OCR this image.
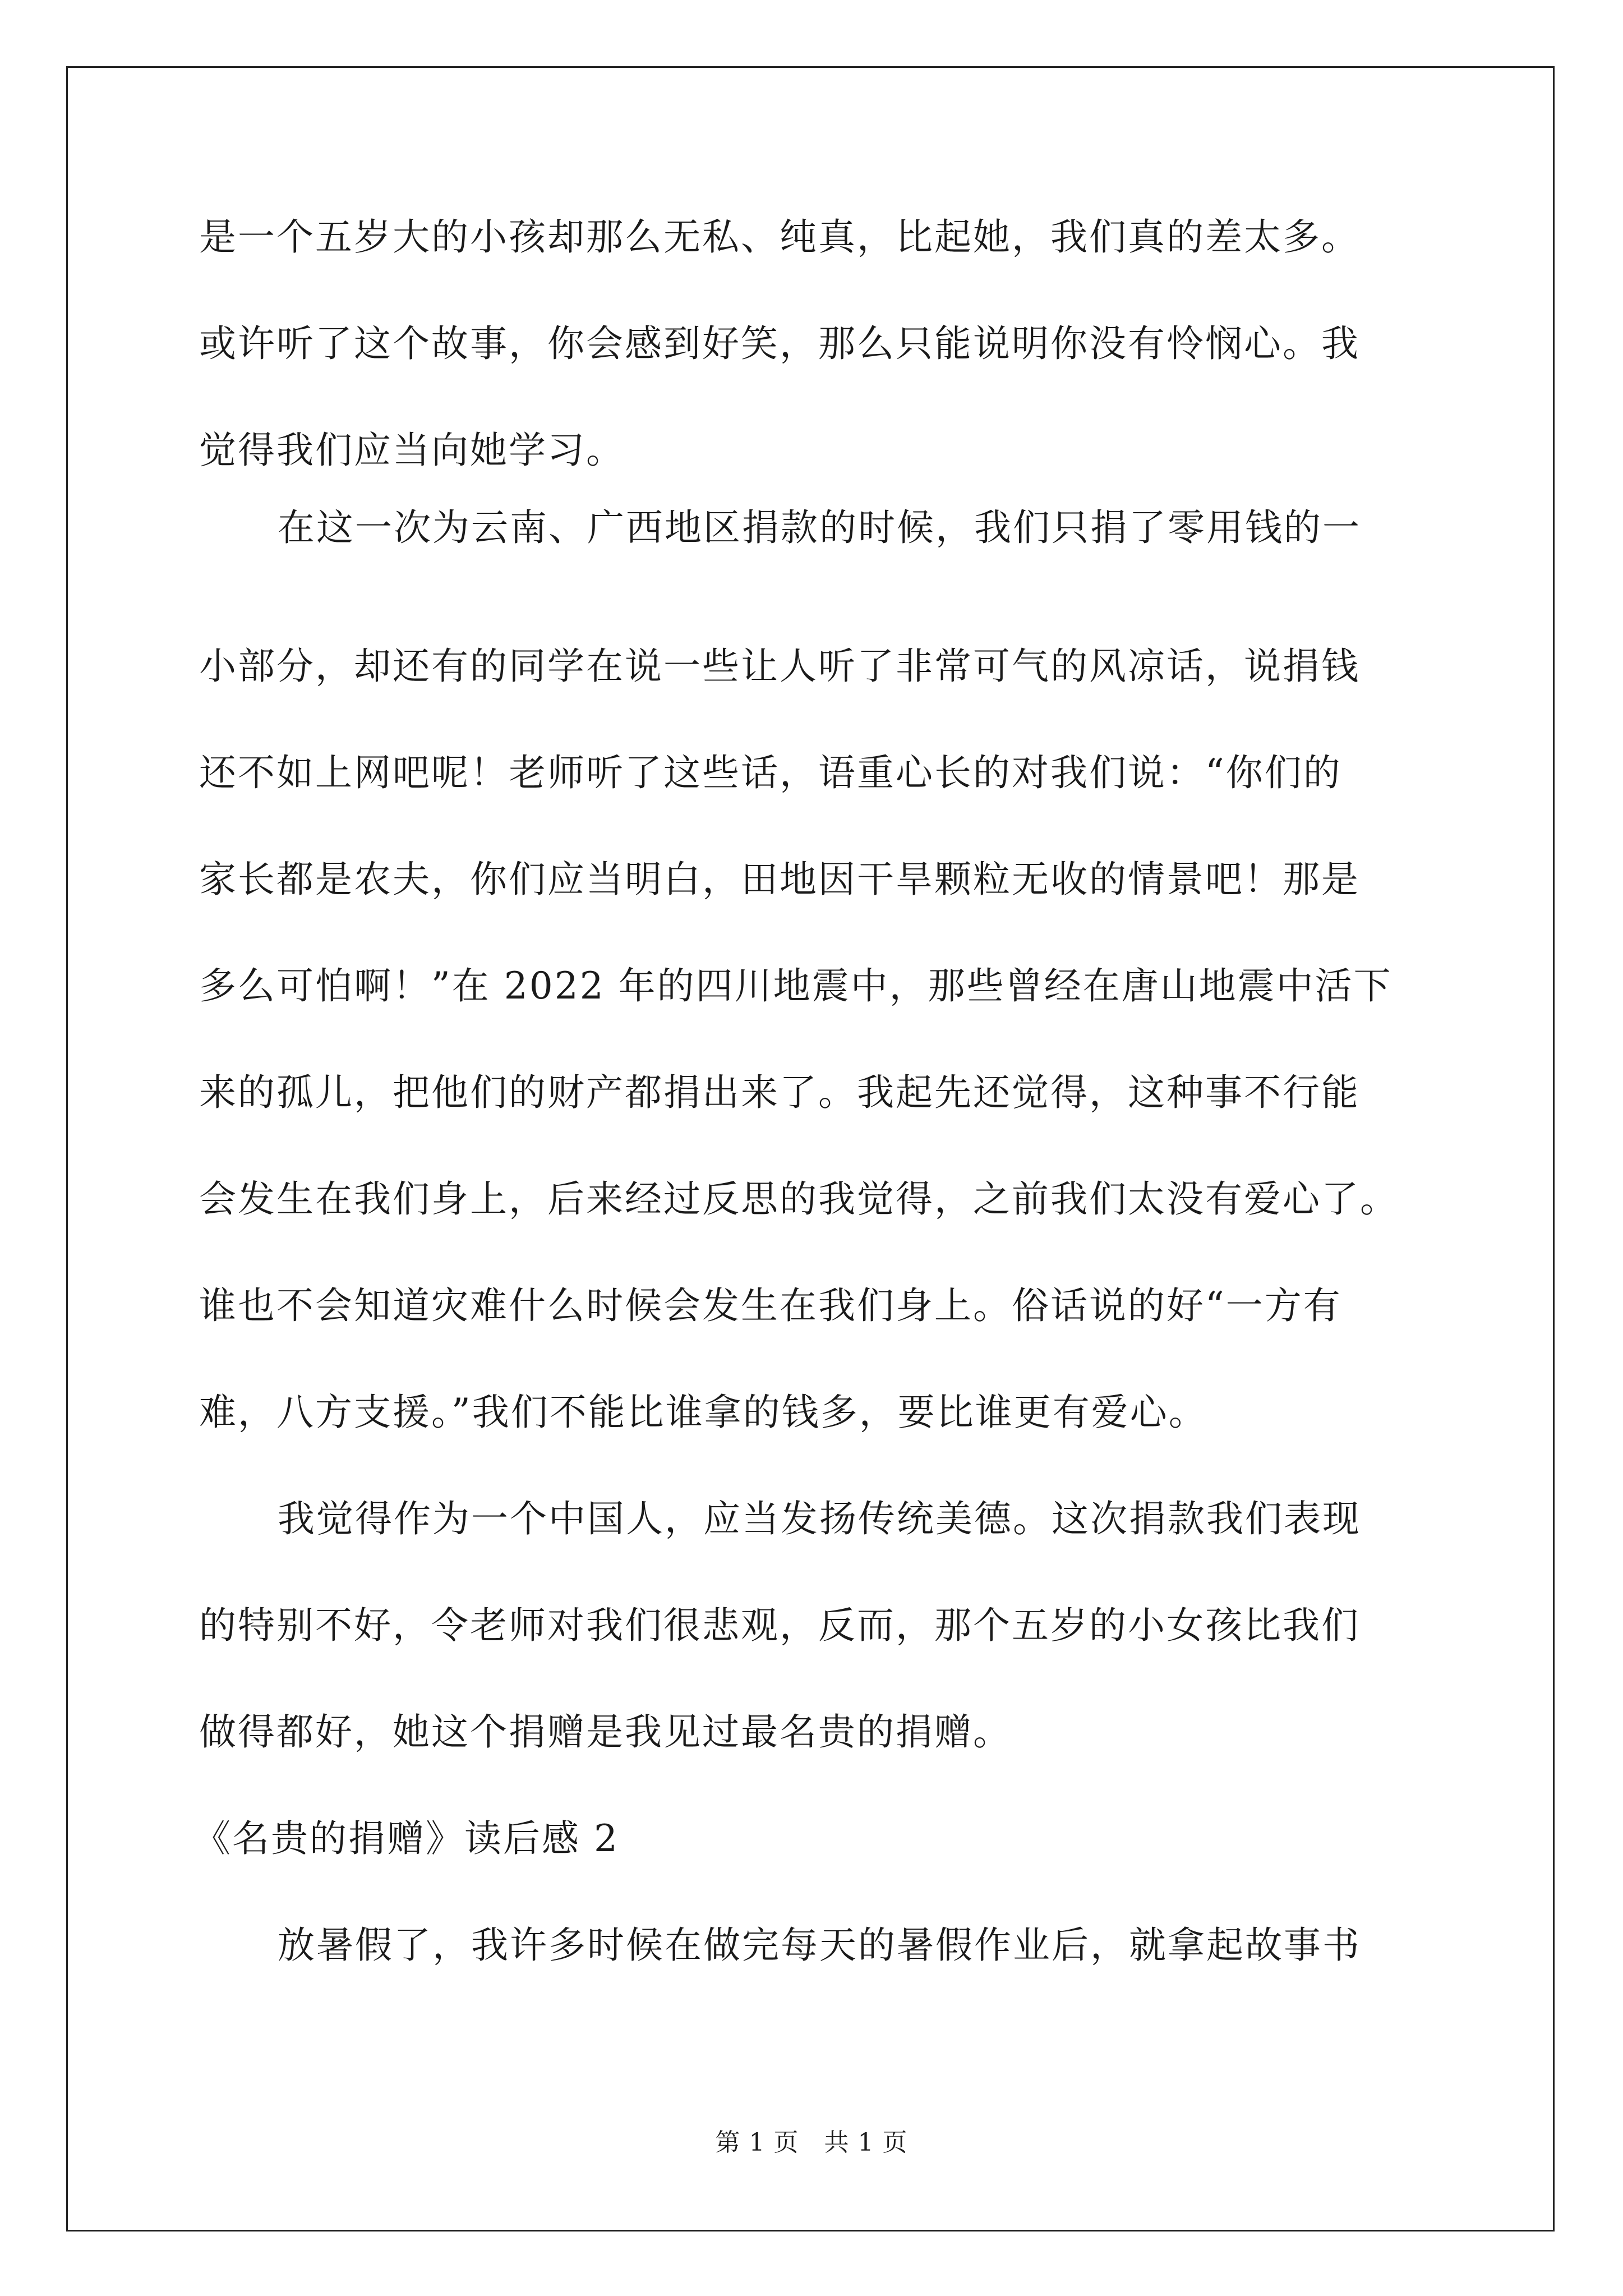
是一个五岁大的小孩却那么无私、纯真，比起她，我们真的差太多。
或许听了这个故事，你会感到好笑，那么只能说明你没有怜悯心。我
觉得我们应当向她学习。
在这一次为云南、广西地区捐款的时候，我们只捐了零用钱的一
小部分，却还有的同学在说一些让人听了非常可气的风凉话，说捐钱
还不如上网吧呢！老师听了这些话，语重心长的对我们说：“你们的
家长都是农夫，你们应当明白，田地因干旱颗粒无收的情景吧！那是
多么可怕啊！”在 2022 年的四川地震中，那些曾经在唐山地震中活下
来的孤儿，把他们的财产都捐出来了。我起先还觉得，这种事不行能
会发生在我们身上，后来经过反思的我觉得，之前我们太没有爱心了。
谁也不会知道灾难什么时候会发生在我们身上。俗话说的好“一方有
难，八方支援。”我们不能比谁拿的钱多，要比谁更有爱心。
我觉得作为一个中国人，应当发扬传统美德。这次捐款我们表现
的特别不好，令老师对我们很悲观，反而，那个五岁的小女孩比我们
做得都好，她这个捐赠是我见过最名贵的捐赠。
《名贵的捐赠》读后感 2
放暑假了，我许多时候在做完每天的暑假作业后，就拿起故事书
第 1 页　共 1 页
